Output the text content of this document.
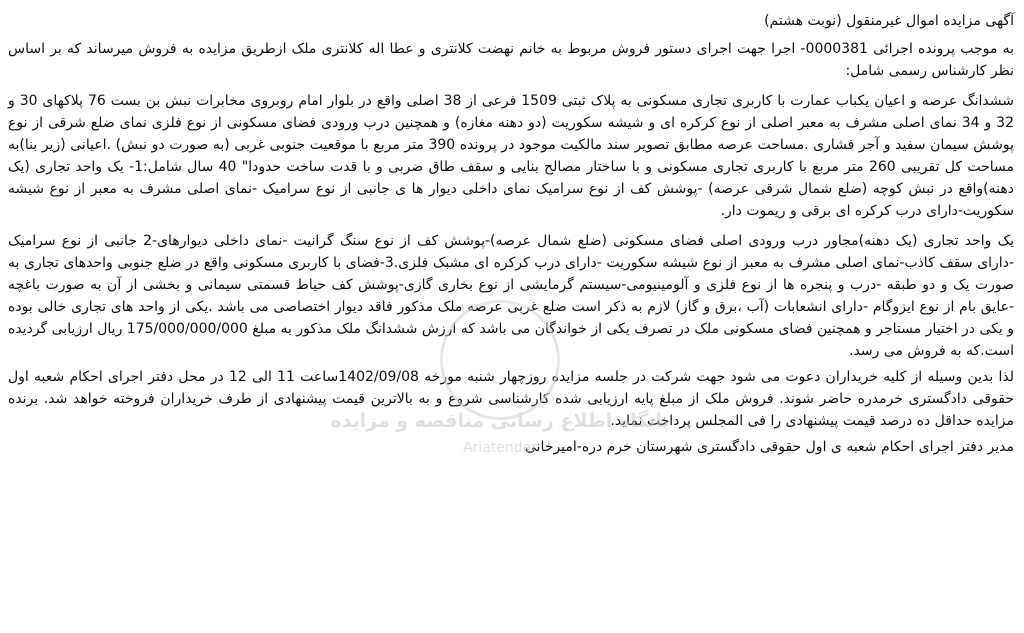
آگهی مزایده اموال غیرمنقول (نوبت هشتم)
به موجب پرونده اجرائی 0000381- اجرا جهت اجرای دستور فروش مربوط به خانم نهضت کلانتری و عطا اله کلانتری ملک ازطریق مزایده به فروش میرساند که بر اساس نظر کارشناس رسمی شامل:
ششدانگ عرصه و اعیان یکباب عمارت با کاربری تجاری مسکونی به پلاک ثبتی 1509 فرعی از 38 اصلی واقع در بلوار امام روبروی مخابرات نبش بن بست 76 پلاکهای 30 و 32 و 34 نمای اصلی مشرف به معبر اصلی از نوع کرکره ای و شیشه سکوریت (دو دهنه مغازه) و همچنین درب ورودی فضای مسکونی از نوع فلزی نمای ضلع شرقی از نوع پوشش سیمان سفید و آجر فشاری .مساحت عرصه مطابق تصویر سند مالکیت موجود در پرونده 390 متر مربع با موقعیت جنوبی غربی (به صورت دو نبش) .اعیانی (زیر بنا)به مساحت کل تقریبی 260 متر مربع با کاربری تجاری مسکونی و با ساختار مصالح بنایی و سقف طاق ضربی و با قدت ساخت حدودا" 40 سال شامل:1- یک واحد تجاری (یک دهنه)واقع در نبش کوچه (ضلع شمال شرقی عرصه) -پوشش کف از نوع سرامیک نمای داخلی دیوار ها ی جانبی از نوع سرامیک -نمای اصلی مشرف به معبر از نوع شیشه سکوریت-دارای درب کرکره ای برقی و ریموت دار.
یک واحد تجاری (یک دهنه)مجاور درب ورودی اصلی فضای مسکونی (ضلع شمال عرصه)-پوشش کف از نوع سنگ گرانیت -نمای داخلی دیوارهای-2 جانبی از نوع سرامیک -دارای سقف کاذب-نمای اصلی مشرف به معبر از نوع شیشه سکوریت -دارای درب کرکره ای مشبک فلزی.3-فضای با کاربری مسکونی واقع در ضلع جنوبی واحدهای تجاری به صورت یک و دو طبقه -درب و پنجره ها از نوع فلزی و آلومینیومی-سیستم گرمایشی از نوع بخاری گازی-پوشش کف حیاط قسمتی سیمانی و بخشی از آن به صورت باغچه -عایق بام از نوع ایزوگام -دارای انشعابات (آب ،برق و گاز) لازم به ذکر است ضلع غربی عرصه ملک مذکور فاقد دیوار اختصاصی می باشد .یکی از واحد های تجاری خالی بوده و یکی در اختیار مستاجر و همچنین فضای مسکونی ملک در تصرف یکی از خواندگان می باشد که ارزش ششدانگ ملک مذکور به مبلغ 175/000/000/000 ریال ارزیابی گردیده است.که به فروش می رسد.
لذا بدین وسیله از کلیه خریداران دعوت می شود جهت شرکت در جلسه مزایده روزچهار شنبه مورخه 1402/09/08ساعت 11 الی 12 در محل دفتر اجرای احکام شعبه اول حقوقی دادگستری خرمدره حاضر شوند. فروش ملک از مبلغ پایه ارزیابی شده کارشناسی شروع و به بالاترین قیمت پیشنهادی از طرف خریداران فروخته خواهد شد. برنده مزایده حداقل ده درصد قیمت پیشنهادی را فی المجلس پرداخت نماید.
مدیر دفتر اجرای احکام شعبه ی اول حقوقی دادگستری شهرستان خرم دره-امیرخانی
پایگاه اطلاع رسانی مناقصه و مزایده
Ariatender
